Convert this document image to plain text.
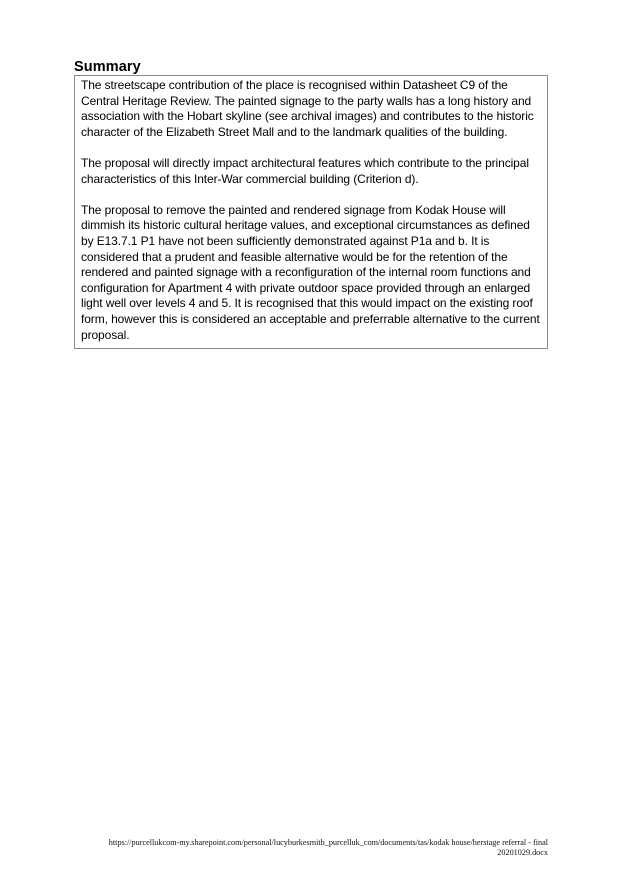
Summary

The streetscape contribution of the place is recognised within Datasheet C9 of the Central Heritage Review. The painted signage to the party walls has a long history and association with the Hobart skyline (see archival images) and contributes to the historic character of the Elizabeth Street Mall and to the landmark qualities of the building.

The proposal will directly impact architectural features which contribute to the principal characteristics of this Inter-War commercial building (Criterion d).

The proposal to remove the painted and rendered signage from Kodak House will dimmish its historic cultural heritage values, and exceptional circumstances as defined by E13.7.1 P1 have not been sufficiently demonstrated against P1a and b. It is considered that a prudent and feasible alternative would be for the retention of the rendered and painted signage with a reconfiguration of the internal room functions and configuration for Apartment 4 with private outdoor space provided through an enlarged light well over levels 4 and 5. It is recognised that this would impact on the existing roof form, however this is considered an acceptable and preferrable alternative to the current proposal.

https://purcellukcom-my.sharepoint.com/personal/lucyburkesmith_purcelluk_com/documents/tas/kodak house/herstage referral - final
20201029.docx
